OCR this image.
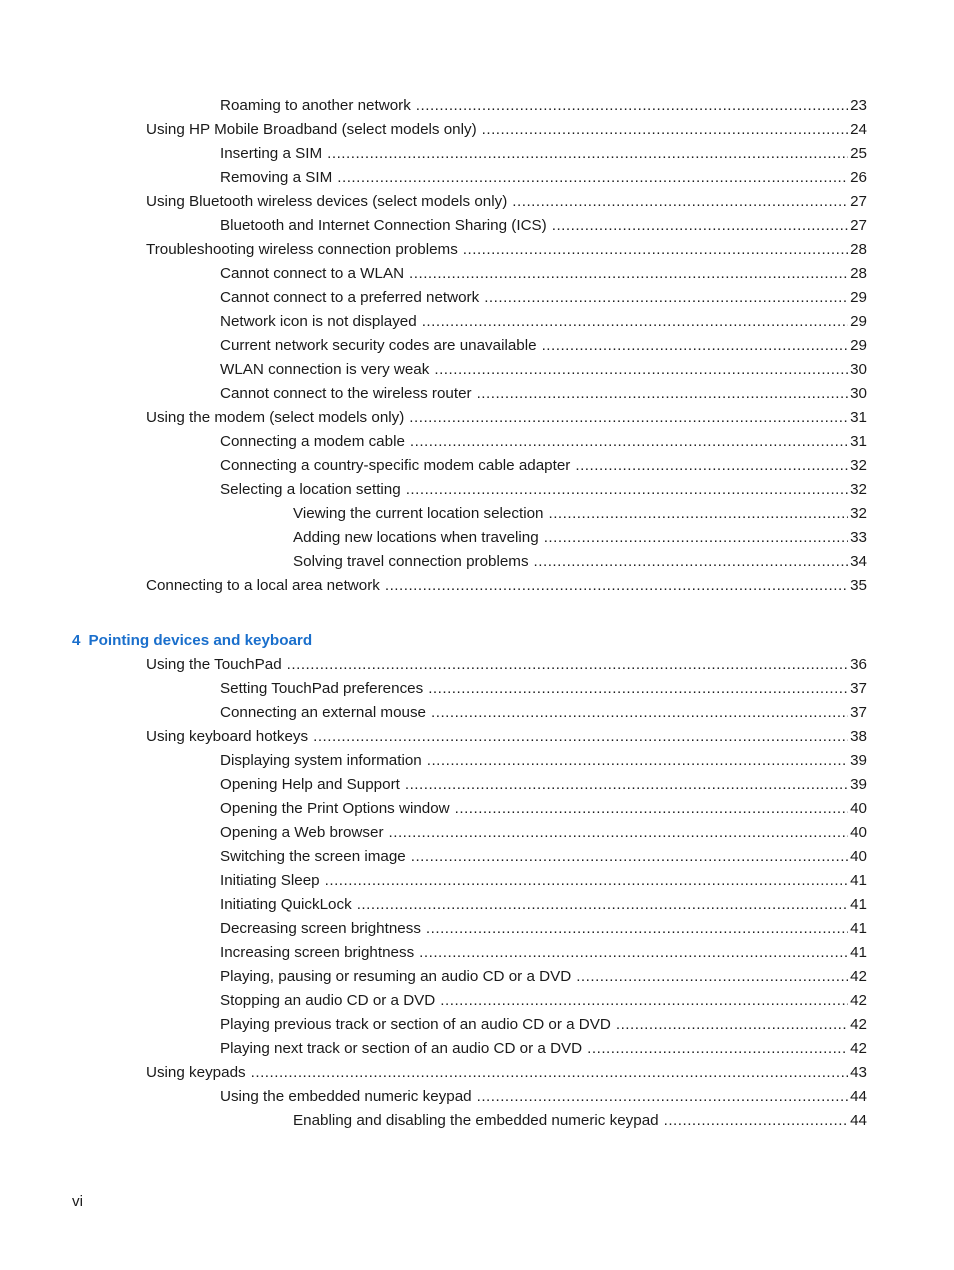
Roaming to another network .....	23
Using HP Mobile Broadband (select models only) .....	24
Inserting a SIM .....	25
Removing a SIM .....	26
Using Bluetooth wireless devices (select models only) .....	27
Bluetooth and Internet Connection Sharing (ICS) .....	27
Troubleshooting wireless connection problems .....	28
Cannot connect to a WLAN .....	28
Cannot connect to a preferred network .....	29
Network icon is not displayed .....	29
Current network security codes are unavailable .....	29
WLAN connection is very weak .....	30
Cannot connect to the wireless router .....	30
Using the modem (select models only) .....	31
Connecting a modem cable .....	31
Connecting a country-specific modem cable adapter .....	32
Selecting a location setting .....	32
Viewing the current location selection .....	32
Adding new locations when traveling .....	33
Solving travel connection problems .....	34
Connecting to a local area network .....	35
4 Pointing devices and keyboard
Using the TouchPad .....	36
Setting TouchPad preferences .....	37
Connecting an external mouse .....	37
Using keyboard hotkeys .....	38
Displaying system information .....	39
Opening Help and Support .....	39
Opening the Print Options window .....	40
Opening a Web browser .....	40
Switching the screen image .....	40
Initiating Sleep .....	41
Initiating QuickLock .....	41
Decreasing screen brightness .....	41
Increasing screen brightness .....	41
Playing, pausing or resuming an audio CD or a DVD .....	42
Stopping an audio CD or a DVD .....	42
Playing previous track or section of an audio CD or a DVD .....	42
Playing next track or section of an audio CD or a DVD .....	42
Using keypads .....	43
Using the embedded numeric keypad .....	44
Enabling and disabling the embedded numeric keypad .....	44
vi
